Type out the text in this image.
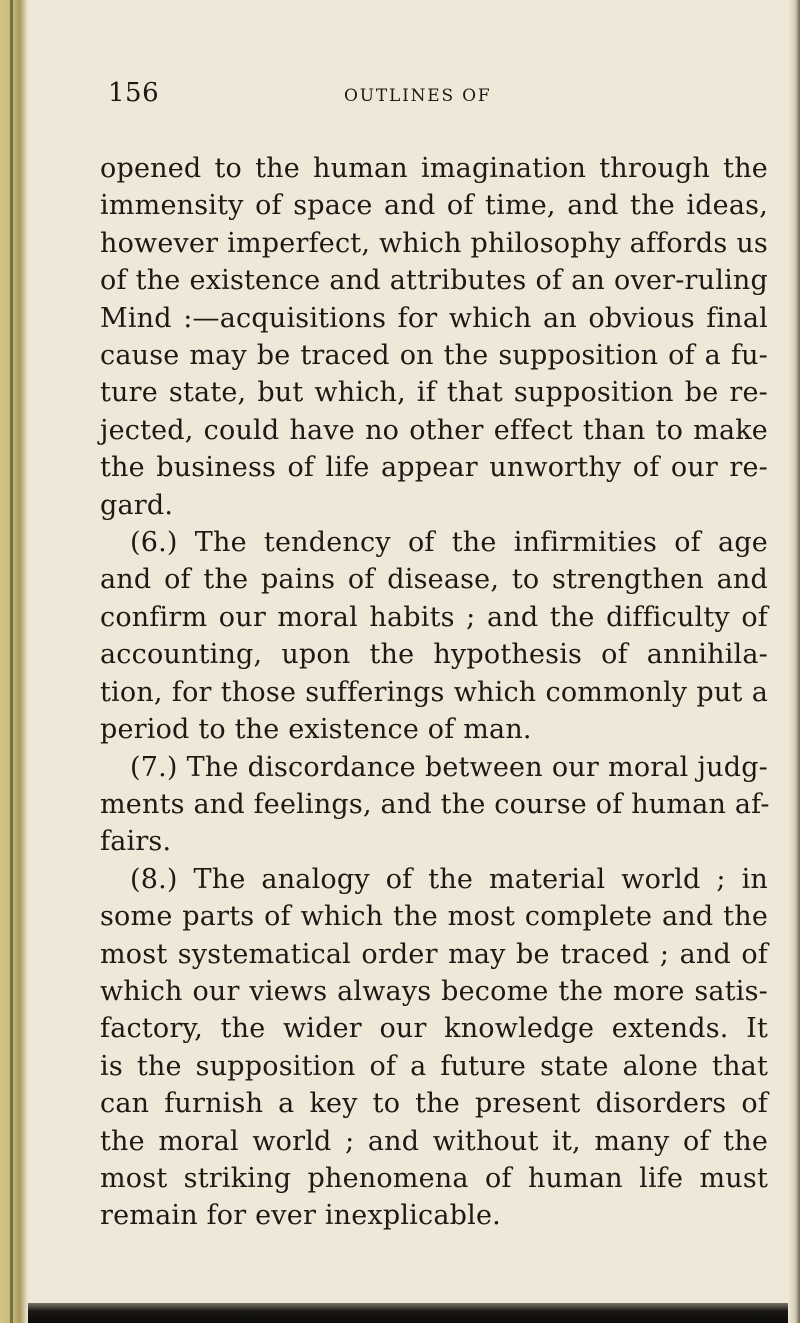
156	OUTLINES OF
opened to the human imagination through the
immensity of space and of time, and the ideas,
however imperfect, which philosophy affords us
of the existence and attributes of an over-ruling
Mind :—acquisitions for which an obvious final
cause may be traced on the supposition of a fu-
ture state, but which, if that supposition be re-
jected, could have no other effect than to make
the business of life appear unworthy of our re-
gard.
(6.) The tendency of the infirmities of age
and of the pains of disease, to strengthen and
confirm our moral habits ; and the difficulty of
accounting, upon the hypothesis of annihila-
tion, for those sufferings which commonly put a
period to the existence of man.
(7.) The discordance between our moral judg-
ments and feelings, and the course of human af-
fairs.
(8.) The analogy of the material world ; in
some parts of which the most complete and the
most systematical order may be traced ; and of
which our views always become the more satis-
factory, the wider our knowledge extends. It
is the supposition of a future state alone that
can furnish a key to the present disorders of
the moral world ; and without it, many of the
most striking phenomena of human life must
remain for ever inexplicable.
